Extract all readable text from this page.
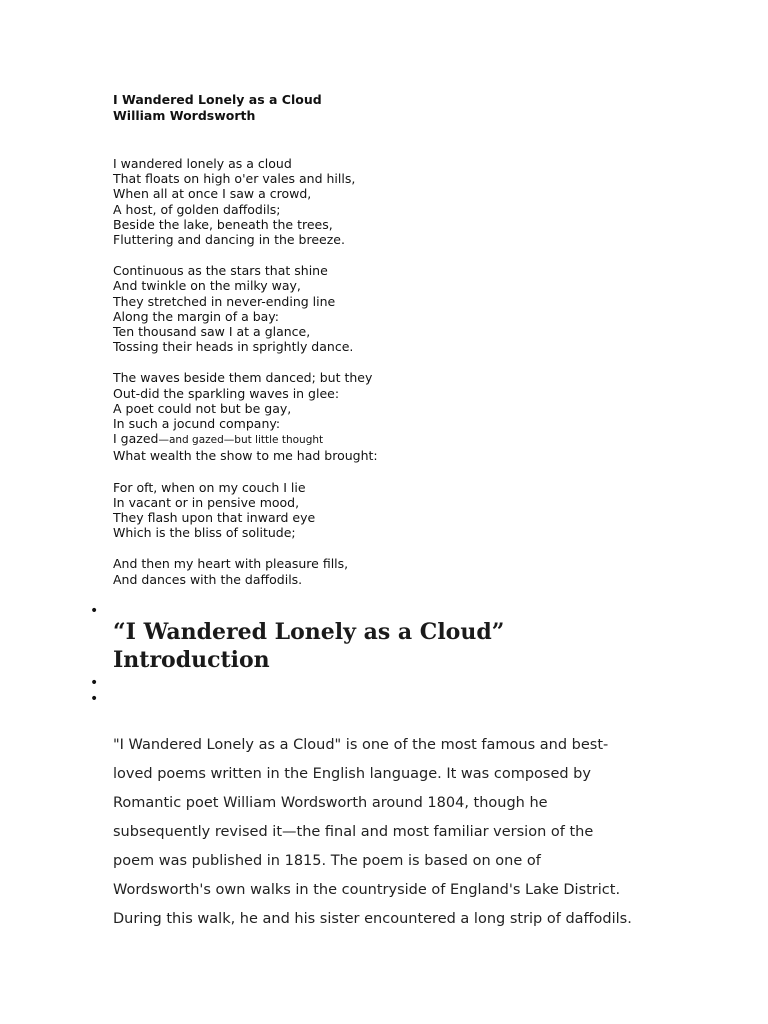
I Wandered Lonely as a Cloud
William Wordsworth
I wandered lonely as a cloud
That floats on high o'er vales and hills,
When all at once I saw a crowd,
A host, of golden daffodils;
Beside the lake, beneath the trees,
Fluttering and dancing in the breeze.
Continuous as the stars that shine
And twinkle on the milky way,
They stretched in never-ending line
Along the margin of a bay:
Ten thousand saw I at a glance,
Tossing their heads in sprightly dance.
The waves beside them danced; but they
Out-did the sparkling waves in glee:
A poet could not but be gay,
In such a jocund company:
I gazed—and gazed—but little thought
What wealth the show to me had brought:
For oft, when on my couch I lie
In vacant or in pensive mood,
They flash upon that inward eye
Which is the bliss of solitude;
And then my heart with pleasure fills,
And dances with the daffodils.
•
•
•
“I Wandered Lonely as a Cloud”
Introduction
"I Wandered Lonely as a Cloud" is one of the most famous and best-
loved poems written in the English language. It was composed by
Romantic poet William Wordsworth around 1804, though he
subsequently revised it—the final and most familiar version of the
poem was published in 1815. The poem is based on one of
Wordsworth's own walks in the countryside of England's Lake District.
During this walk, he and his sister encountered a long strip of daffodils.
